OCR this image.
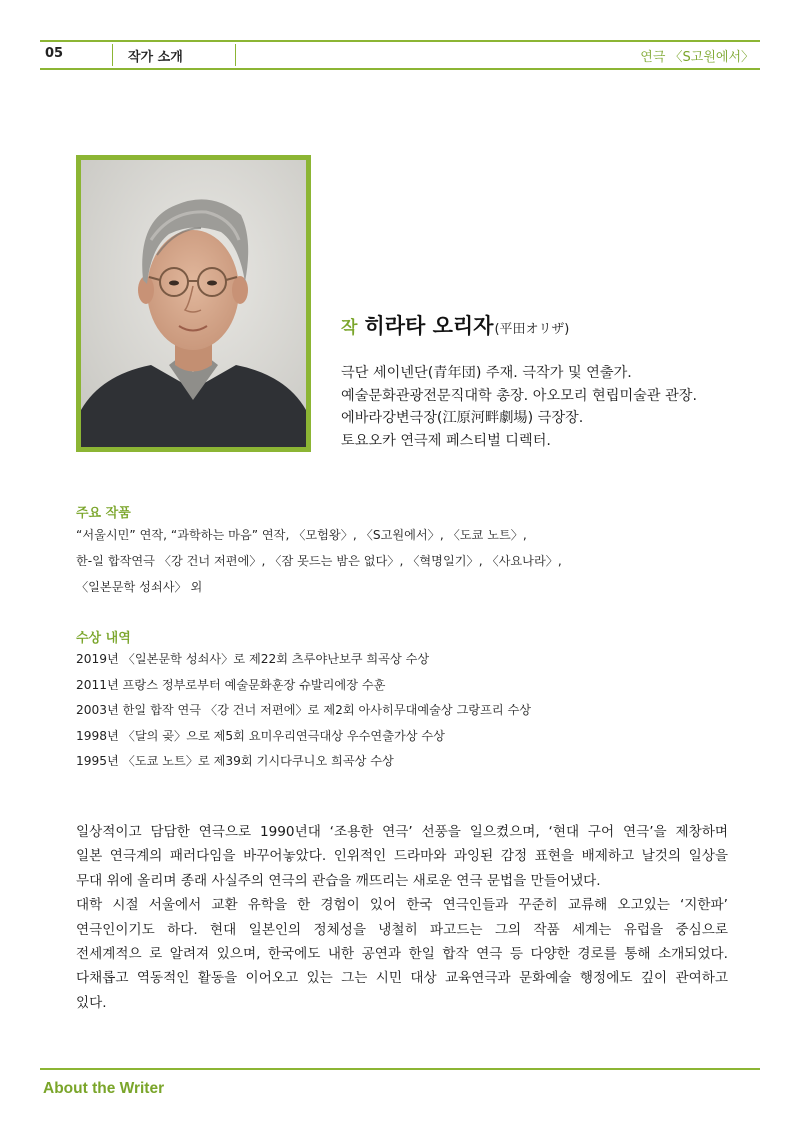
05	작가 소개	연극 〈S고원에서〉
작 히라타 오리자 (平田オリザ)
극단 세이넨단(青年団) 주재. 극작가 및 연출가.
예술문화관광전문직대학 총장. 아오모리 현립미술관 관장.
에바라강변극장(江原河畔劇場) 극장장.
토요오카 연극제 페스티벌 디렉터.
주요 작품
“서울시민” 연작, “과학하는 마음” 연작, 〈모험왕〉, 〈S고원에서〉, 〈도쿄 노트〉,
한-일 합작연극 〈강 건너 저편에〉, 〈잠 못드는 밤은 없다〉, 〈혁명일기〉, 〈사요나라〉,
〈일본문학 성쇠사〉 외
수상 내역
2019년 〈일본문학 성쇠사〉로 제22회 츠루야난보쿠 희곡상 수상
2011년 프랑스 정부로부터 예술문화훈장 슈발리에장 수훈
2003년 한일 합작 연극 〈강 건너 저편에〉로 제2회 아사히무대예술상 그랑프리 수상
1998년 〈달의 곶〉으로 제5회 요미우리연극대상 우수연출가상 수상
1995년 〈도쿄 노트〉로 제39회 기시다쿠니오 희곡상 수상
일상적이고 담담한 연극으로 1990년대 ‘조용한 연극’ 선풍을 일으켰으며, ‘현대 구어 연극’을 제창하며
일본 연극계의 패러다임을 바꾸어놓았다. 인위적인 드라마와 과잉된 감정 표현을 배제하고 날것의 일상을
무대 위에 올리며 종래 사실주의 연극의 관습을 깨뜨리는 새로운 연극 문법을 만들어냈다.
대학 시절 서울에서 교환 유학을 한 경험이 있어 한국 연극인들과 꾸준히 교류해 오고있는 ‘지한파’
연극인이기도 하다. 현대 일본인의 정체성을 냉철히 파고드는 그의 작품 세계는 유럽을 중심으로
전세계적으 로 알려져 있으며, 한국에도 내한 공연과 한일 합작 연극 등 다양한 경로를 통해 소개되었다.
다채롭고 역동적인 활동을 이어오고 있는 그는 시민 대상 교육연극과 문화예술 행정에도 깊이 관여하고
있다.
About the Writer
